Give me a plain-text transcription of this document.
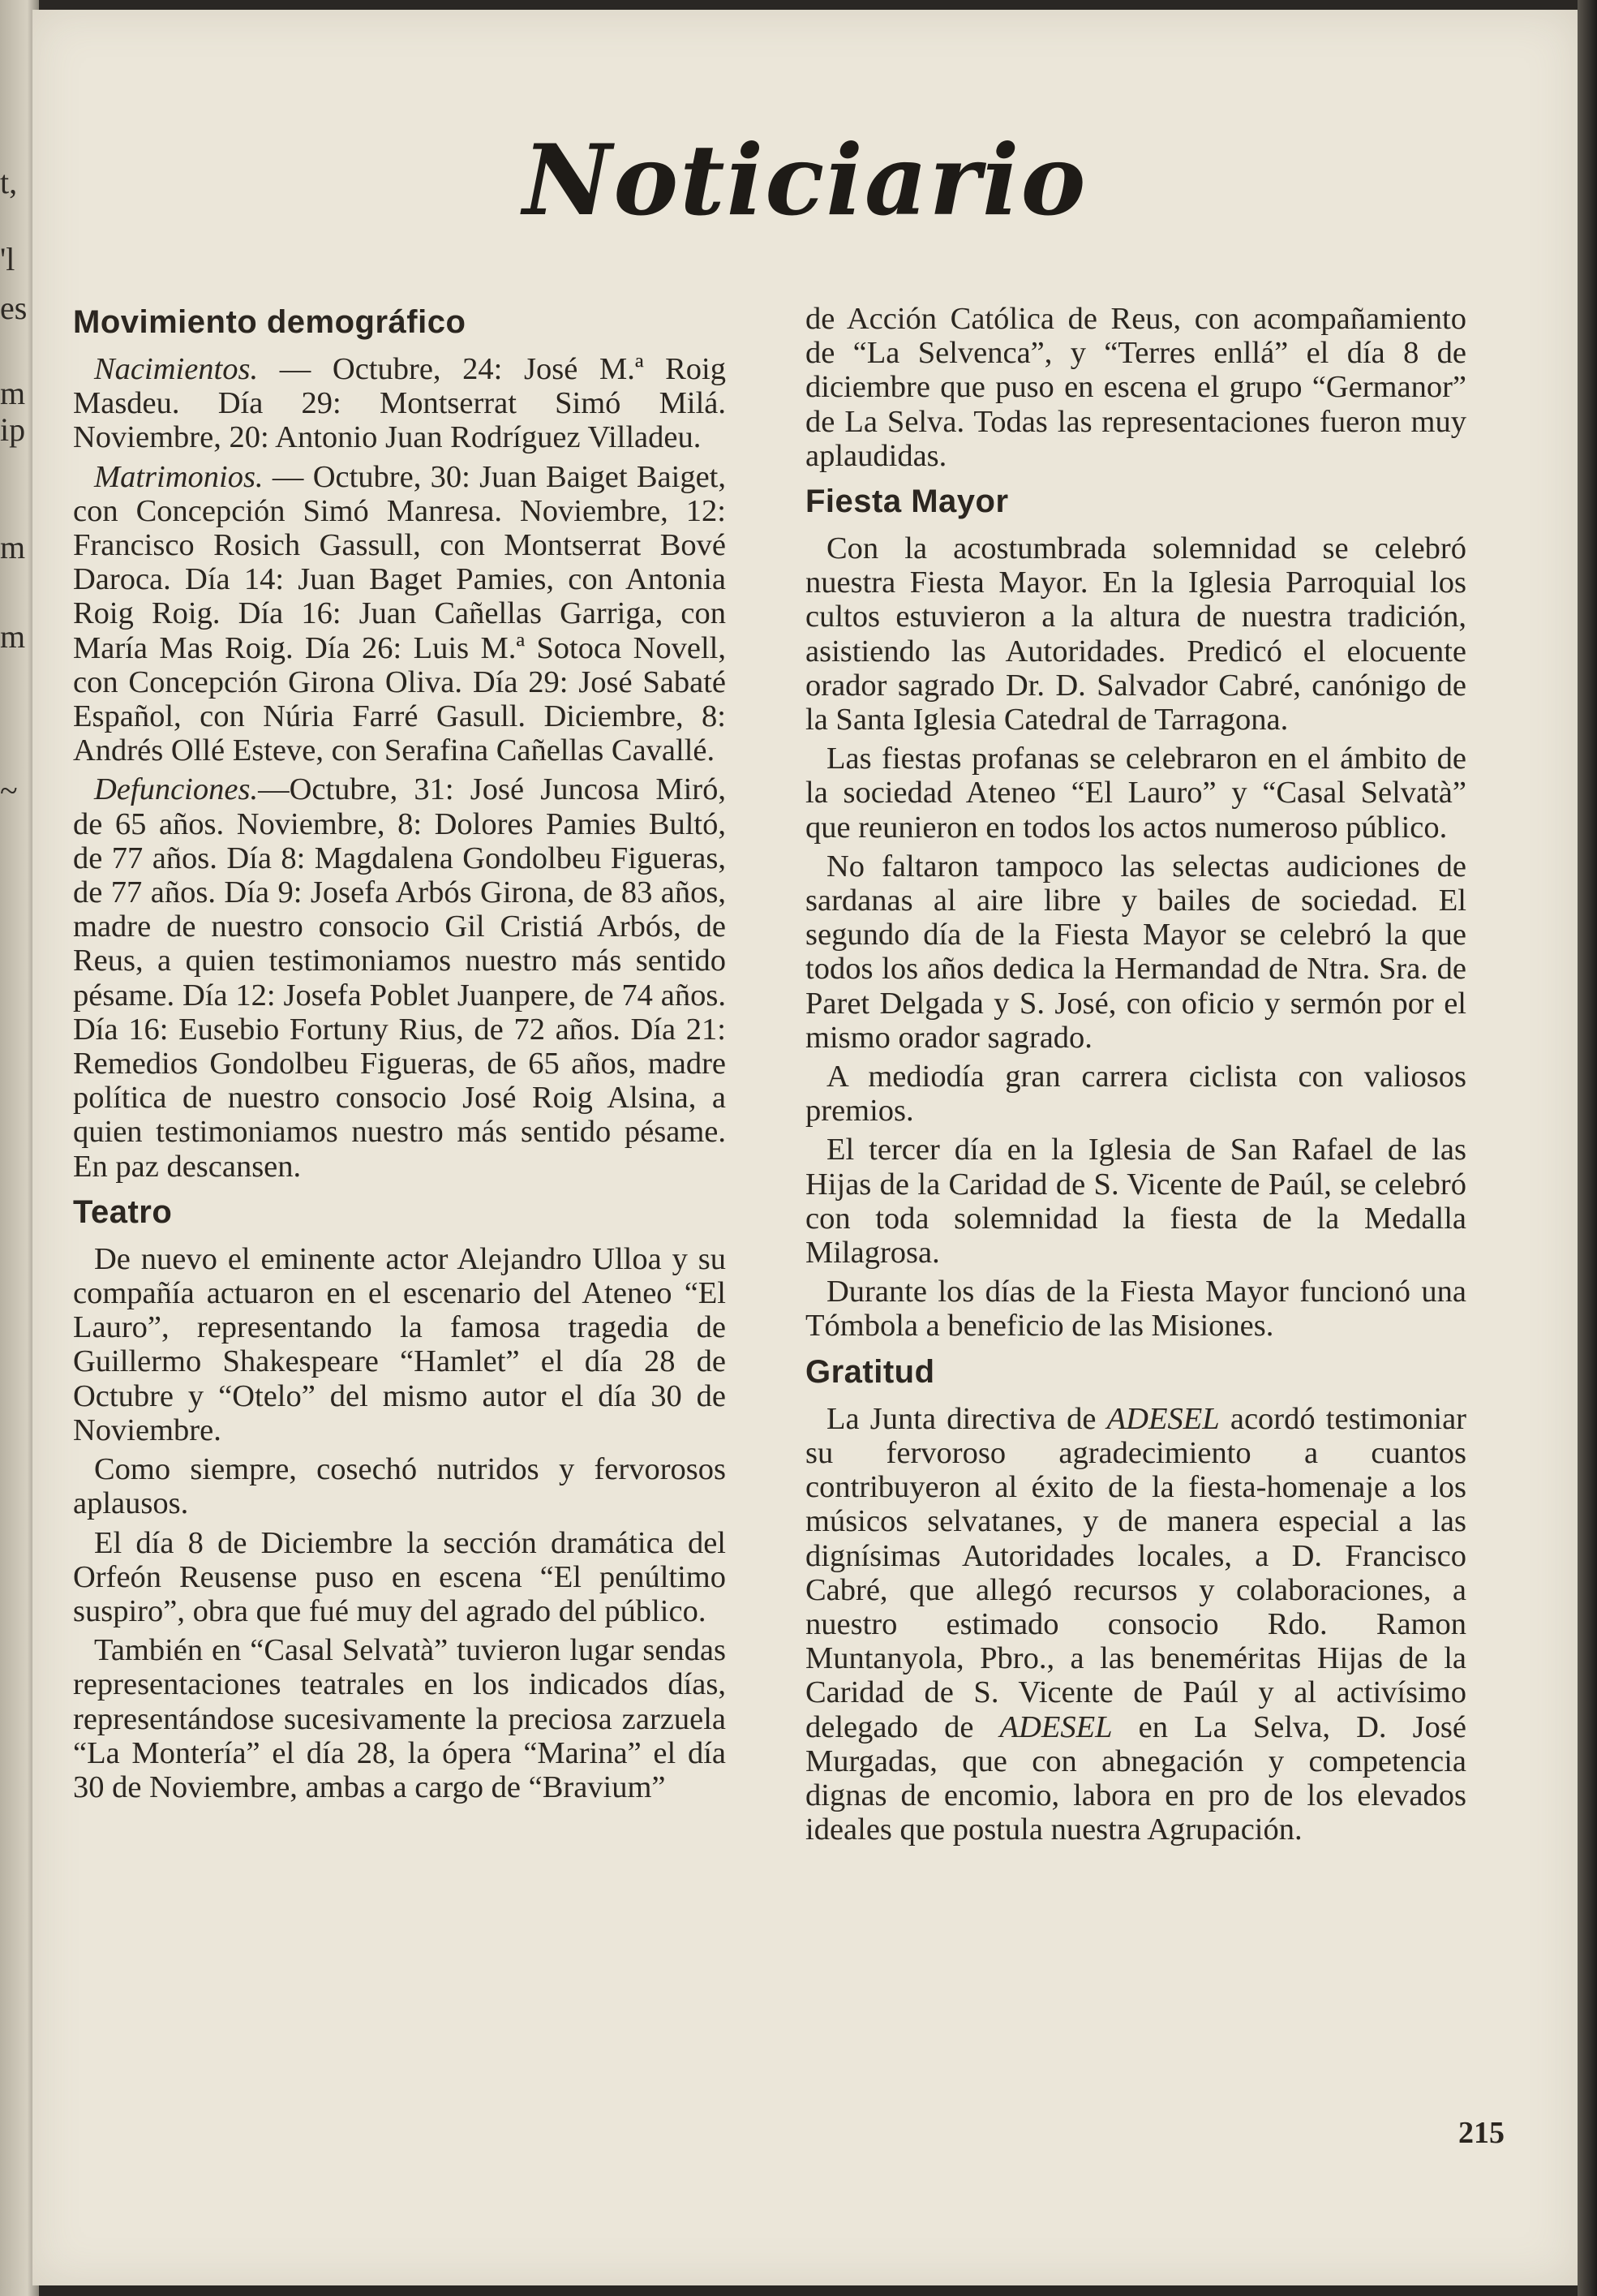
t,
'l
es
m
ip
m
m
~
Noticiario
Movimiento demográfico

Nacimientos. — Octubre, 24: José M.ª Roig Masdeu. Día 29: Montserrat Simó Milá. Noviembre, 20: Antonio Juan Rodríguez Villadeu.

Matrimonios. — Octubre, 30: Juan Baiget Baiget, con Concepción Simó Manresa. Noviembre, 12: Francisco Rosich Gassull, con Montserrat Bové Daroca. Día 14: Juan Baget Pamies, con Antonia Roig Roig. Día 16: Juan Cañellas Garriga, con María Mas Roig. Día 26: Luis M.ª Sotoca Novell, con Concepción Girona Oliva. Día 29: José Sabaté Español, con Núria Farré Gasull. Diciembre, 8: Andrés Ollé Esteve, con Serafina Cañellas Cavallé.

Defunciones.—Octubre, 31: José Juncosa Miró, de 65 años. Noviembre, 8: Dolores Pamies Bultó, de 77 años. Día 8: Magdalena Gondolbeu Figueras, de 77 años. Día 9: Josefa Arbós Girona, de 83 años, madre de nuestro consocio Gil Cristiá Arbós, de Reus, a quien testimoniamos nuestro más sentido pésame. Día 12: Josefa Poblet Juanpere, de 74 años. Día 16: Eusebio Fortuny Rius, de 72 años. Día 21: Remedios Gondolbeu Figueras, de 65 años, madre política de nuestro consocio José Roig Alsina, a quien testimoniamos nuestro más sentido pésame. En paz descansen.

Teatro

De nuevo el eminente actor Alejandro Ulloa y su compañía actuaron en el escenario del Ateneo “El Lauro”, representando la famosa tragedia de Guillermo Shakespeare “Hamlet” el día 28 de Octubre y “Otelo” del mismo autor el día 30 de Noviembre.

Como siempre, cosechó nutridos y fervorosos aplausos.

El día 8 de Diciembre la sección dramática del Orfeón Reusense puso en escena “El penúltimo suspiro”, obra que fué muy del agrado del público.

También en “Casal Selvatà” tuvieron lugar sendas representaciones teatrales en los indicados días, representándose sucesivamente la preciosa zarzuela “La Montería” el día 28, la ópera “Marina” el día 30 de Noviembre, ambas a cargo de “Bravium”

de Acción Católica de Reus, con acompañamiento de “La Selvenca”, y “Terres enllá” el día 8 de diciembre que puso en escena el grupo “Germanor” de La Selva. Todas las representaciones fueron muy aplaudidas.

Fiesta Mayor

Con la acostumbrada solemnidad se celebró nuestra Fiesta Mayor. En la Iglesia Parroquial los cultos estuvieron a la altura de nuestra tradición, asistiendo las Autoridades. Predicó el elocuente orador sagrado Dr. D. Salvador Cabré, canónigo de la Santa Iglesia Catedral de Tarragona.

Las fiestas profanas se celebraron en el ámbito de la sociedad Ateneo “El Lauro” y “Casal Selvatà” que reunieron en todos los actos numeroso público.

No faltaron tampoco las selectas audiciones de sardanas al aire libre y bailes de sociedad. El segundo día de la Fiesta Mayor se celebró la que todos los años dedica la Hermandad de Ntra. Sra. de Paret Delgada y S. José, con oficio y sermón por el mismo orador sagrado.

A mediodía gran carrera ciclista con valiosos premios.

El tercer día en la Iglesia de San Rafael de las Hijas de la Caridad de S. Vicente de Paúl, se celebró con toda solemnidad la fiesta de la Medalla Milagrosa.

Durante los días de la Fiesta Mayor funcionó una Tómbola a beneficio de las Misiones.

Gratitud

La Junta directiva de ADESEL acordó testimoniar su fervoroso agradecimiento a cuantos contribuyeron al éxito de la fiesta-homenaje a los músicos selvatanes, y de manera especial a las dignísimas Autoridades locales, a D. Francisco Cabré, que allegó recursos y colaboraciones, a nuestro estimado consocio Rdo. Ramon Muntanyola, Pbro., a las beneméritas Hijas de la Caridad de S. Vicente de Paúl y al activísimo delegado de ADESEL en La Selva, D. José Murgadas, que con abnegación y competencia dignas de encomio, labora en pro de los elevados ideales que postula nuestra Agrupación.

215
